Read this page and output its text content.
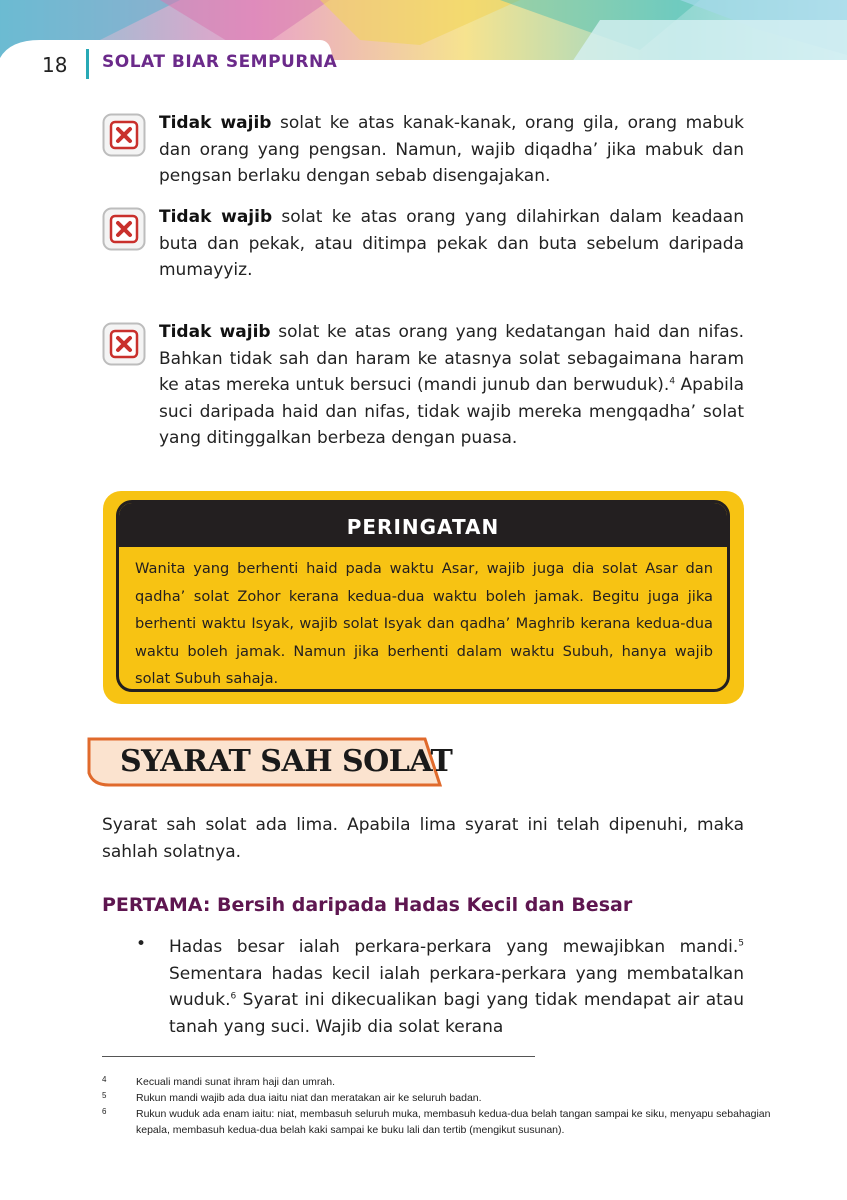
18 SOLAT BIAR SEMPURNA
Tidak wajib solat ke atas kanak-kanak, orang gila, orang mabuk dan orang yang pengsan. Namun, wajib diqadha’ jika mabuk dan pengsan berlaku dengan sebab disengajakan.
Tidak wajib solat ke atas orang yang dilahirkan dalam keadaan buta dan pekak, atau ditimpa pekak dan buta sebelum daripada mumayyiz.
Tidak wajib solat ke atas orang yang kedatangan haid dan nifas. Bahkan tidak sah dan haram ke atasnya solat sebagaimana haram ke atas mereka untuk bersuci (mandi junub dan berwuduk).$^4$ Apabila suci daripada haid dan nifas, tidak wajib mereka mengqadha’ solat yang ditinggalkan berbeza dengan puasa.
PERINGATAN
Wanita yang berhenti haid pada waktu Asar, wajib juga dia solat Asar dan qadha’ solat Zohor kerana kedua-dua waktu boleh jamak. Begitu juga jika berhenti waktu Isyak, wajib solat Isyak dan qadha’ Maghrib kerana kedua-dua waktu boleh jamak. Namun jika berhenti dalam waktu Subuh, hanya wajib solat Subuh sahaja.
SYARAT SAH SOLAT
Syarat sah solat ada lima. Apabila lima syarat ini telah dipenuhi, maka sahlah solatnya.
PERTAMA: Bersih daripada Hadas Kecil dan Besar
• Hadas besar ialah perkara-perkara yang mewajibkan mandi.$^5$ Sementara hadas kecil ialah perkara-perkara yang membatalkan wuduk.$^6$ Syarat ini dikecualikan bagi yang tidak mendapat air atau tanah yang suci. Wajib dia solat kerana
4	Kecuali mandi sunat ihram haji dan umrah.
5	Rukun mandi wajib ada dua iaitu niat dan meratakan air ke seluruh badan.
6	Rukun wuduk ada enam iaitu: niat, membasuh seluruh muka, membasuh kedua-dua belah tangan sampai ke siku, menyapu sebahagian kepala, membasuh kedua-dua belah kaki sampai ke buku lali dan tertib (mengikut susunan).
